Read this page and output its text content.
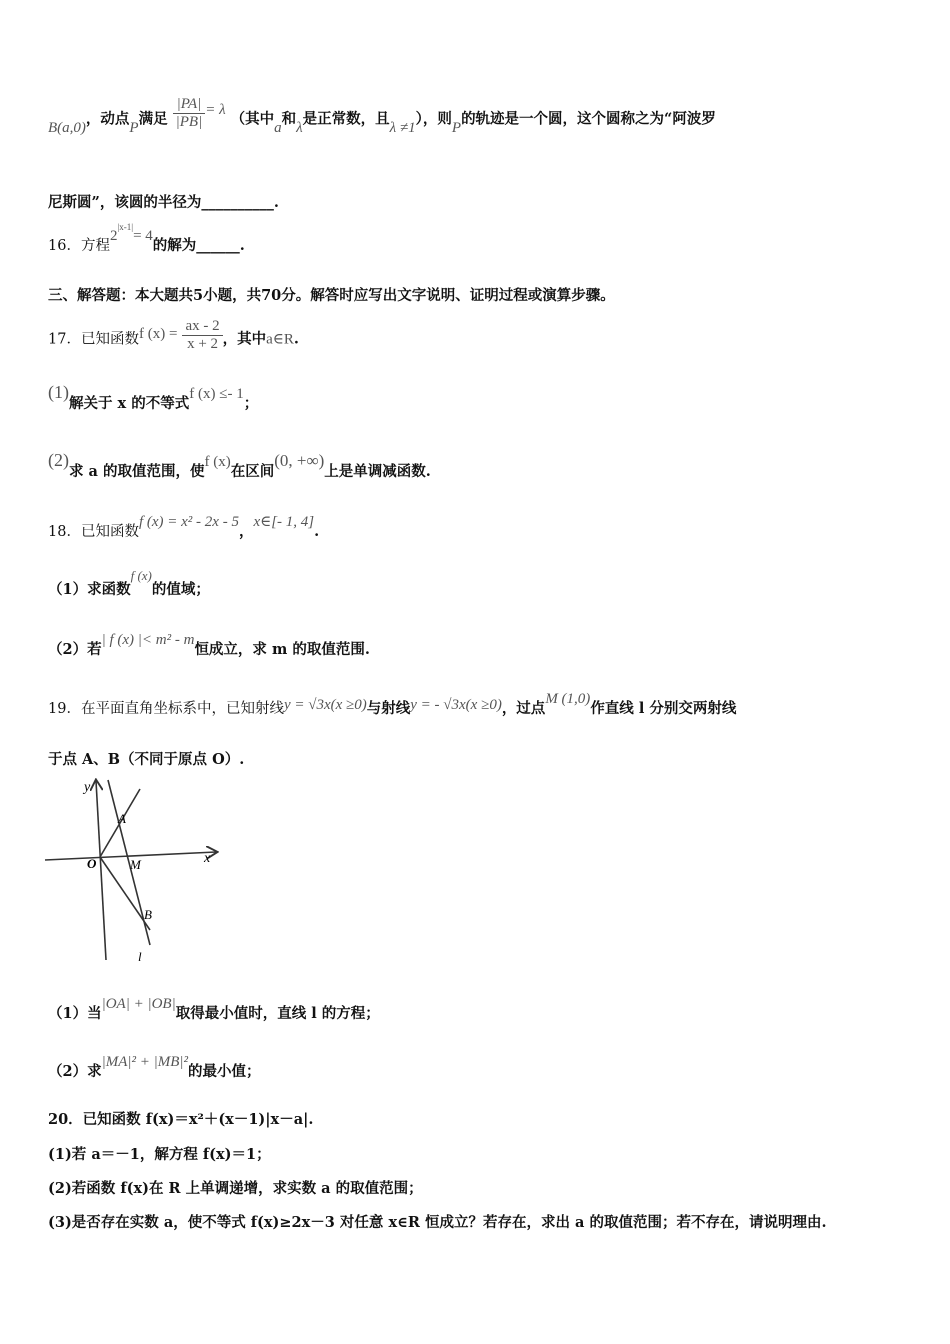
B(a,0)，动点P满足 $\frac{|PA|}{|PB|} = \lambda$ （其中a和λ是正常数，且λ ≠1），则P的轨迹是一个圆，这个圆称之为“阿波罗
尼斯圆”，该圆的半径为__________.
16．方程$2^{|x-1|}= 4$的解为______.
三、解答题：本大题共5小题，共70分。解答时应写出文字说明、证明过程或演算步骤。
17．已知函数f $(x) = \frac{ax - 2}{x + 2}$ ，其中a∈R.
(1)解关于 x 的不等式f (x) ≤- 1；
(2)求 a 的取值范围，使f (x)在区间(0, +∞)上是单调减函数.
18．已知函数f (x) = x² - 2x - 5，x∈[- 1, 4].
（1）求函数f (x)的值域；
（2）若| f (x) |< m² - m恒成立，求 m 的取值范围.
19．在平面直角坐标系中，已知射线y = √3x(x ≥0)与射线y = - √3x(x ≥0)，过点M (1,0)作直线 l 分别交两射线
于点 A、B（不同于原点 O）.
y
x
O
A
M
B
l
（1）当|OA| + |OB|取得最小值时，直线 l 的方程；
（2）求|MA|² + |MB|²的最小值；
20．已知函数 f(x)＝x²＋(x－1)|x－a|.
(1)若 a＝－1，解方程 f(x)＝1；
(2)若函数 f(x)在 R 上单调递增，求实数 a 的取值范围；
(3)是否存在实数 a，使不等式 f(x)≥2x－3 对任意 x∈R 恒成立？若存在，求出 a 的取值范围；若不存在，请说明理由.
